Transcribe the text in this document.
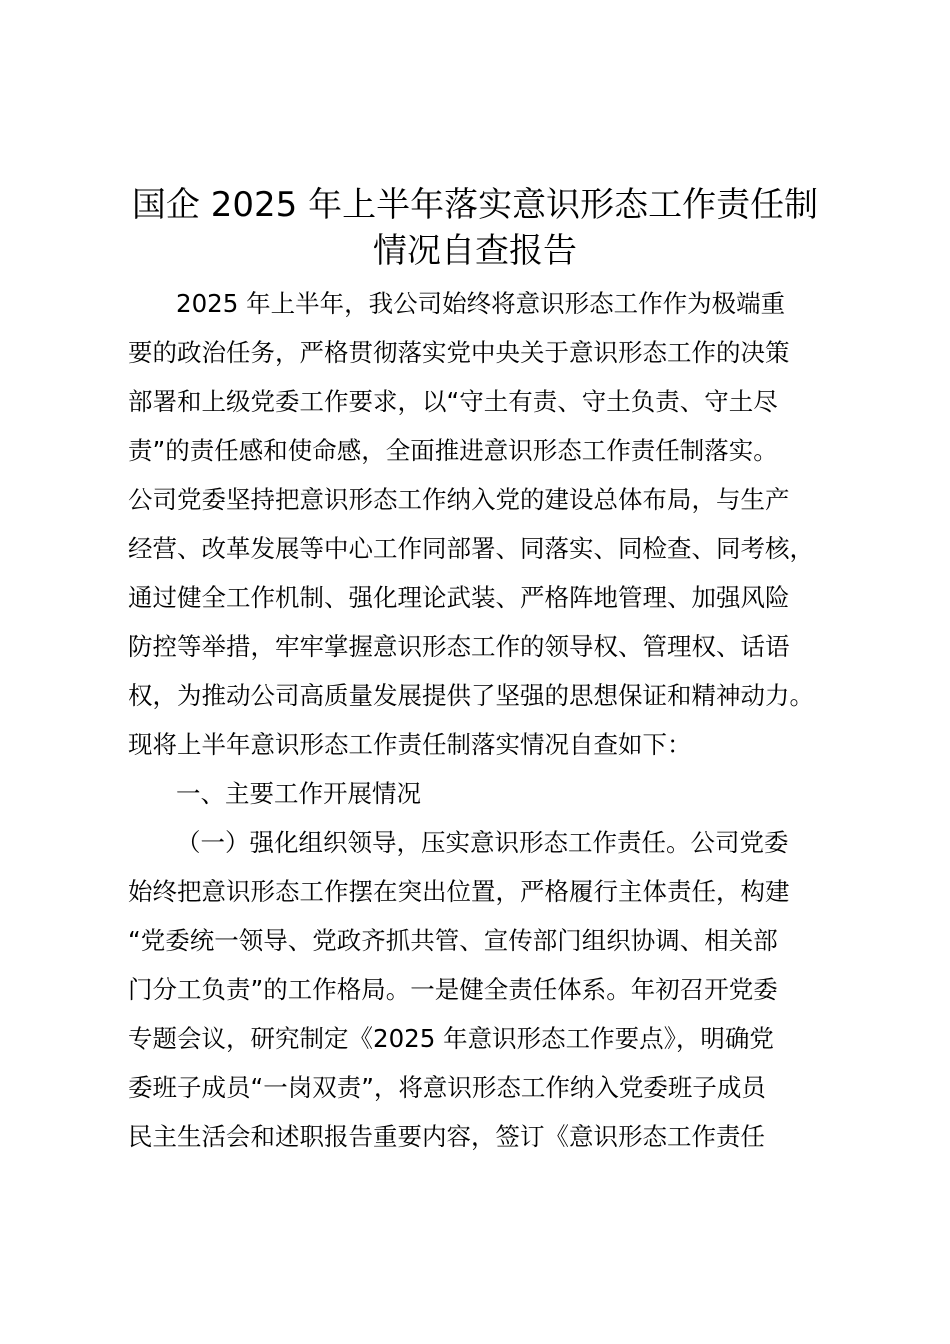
国企 2025 年上半年落实意识形态工作责任制
情况自查报告

2025 年上半年，我公司始终将意识形态工作作为极端重

要的政治任务，严格贯彻落实党中央关于意识形态工作的决策

部署和上级党委工作要求，以“守土有责、守土负责、守土尽

责”的责任感和使命感，全面推进意识形态工作责任制落实。

公司党委坚持把意识形态工作纳入党的建设总体布局，与生产

经营、改革发展等中心工作同部署、同落实、同检查、同考核，

通过健全工作机制、强化理论武装、严格阵地管理、加强风险

防控等举措，牢牢掌握意识形态工作的领导权、管理权、话语

权，为推动公司高质量发展提供了坚强的思想保证和精神动力。

现将上半年意识形态工作责任制落实情况自查如下：

一、主要工作开展情况

（一）强化组织领导，压实意识形态工作责任。公司党委

始终把意识形态工作摆在突出位置，严格履行主体责任，构建

“党委统一领导、党政齐抓共管、宣传部门组织协调、相关部

门分工负责”的工作格局。一是健全责任体系。年初召开党委

专题会议，研究制定《2025 年意识形态工作要点》，明确党

委班子成员“一岗双责”，将意识形态工作纳入党委班子成员

民主生活会和述职报告重要内容，签订《意识形态工作责任
